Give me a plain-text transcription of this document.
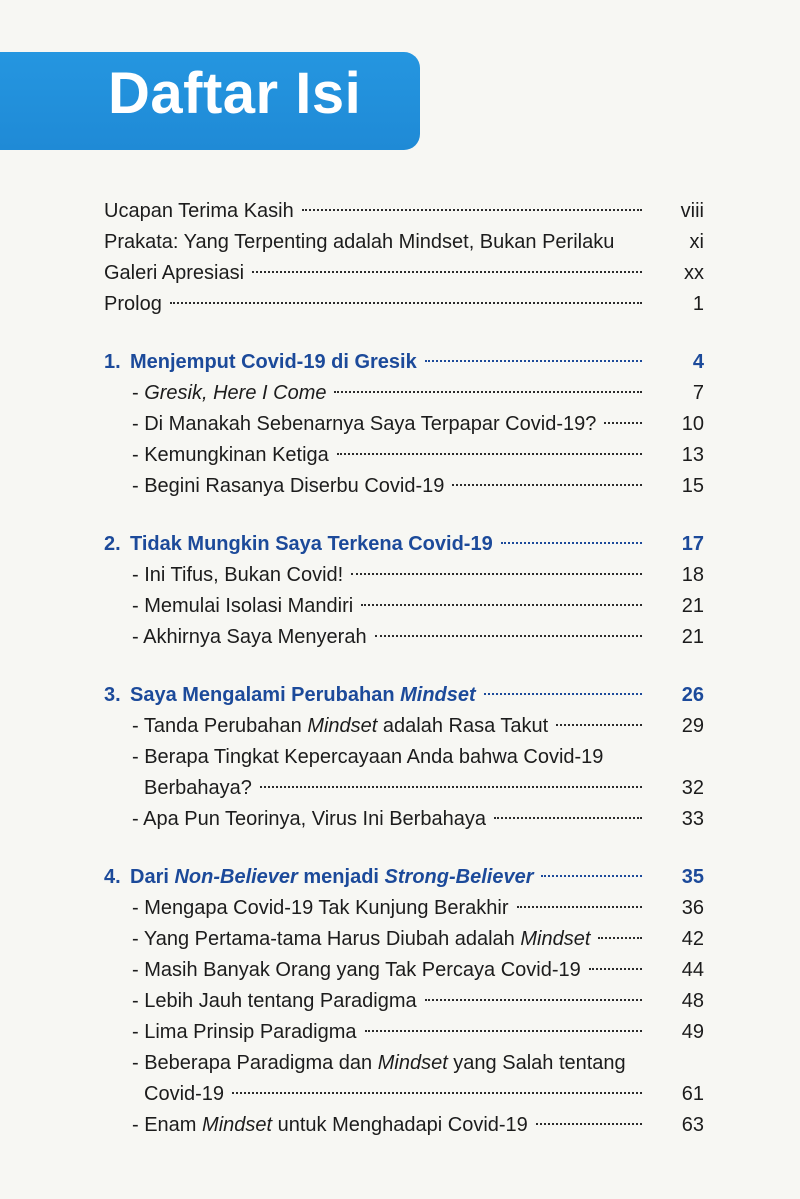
Daftar Isi
Ucapan Terima Kasih	viii
Prakata: Yang Terpenting adalah Mindset, Bukan Perilaku	xi
Galeri Apresiasi	xx
Prolog	1
1. Menjemput Covid-19 di Gresik	4
- Gresik, Here I Come	7
- Di Manakah Sebenarnya Saya Terpapar Covid-19?	10
- Kemungkinan Ketiga	13
- Begini Rasanya Diserbu Covid-19	15
2. Tidak Mungkin Saya Terkena Covid-19	17
- Ini Tifus, Bukan Covid!	18
- Memulai Isolasi Mandiri	21
- Akhirnya Saya Menyerah	21
3. Saya Mengalami Perubahan Mindset	26
- Tanda Perubahan Mindset adalah Rasa Takut	29
- Berapa Tingkat Kepercayaan Anda bahwa Covid-19
Berbahaya?	32
- Apa Pun Teorinya, Virus Ini Berbahaya	33
4. Dari Non-Believer menjadi Strong-Believer	35
- Mengapa Covid-19 Tak Kunjung Berakhir	36
- Yang Pertama-tama Harus Diubah adalah Mindset	42
- Masih Banyak Orang yang Tak Percaya Covid-19	44
- Lebih Jauh tentang Paradigma	48
- Lima Prinsip Paradigma	49
- Beberapa Paradigma dan Mindset yang Salah tentang
Covid-19	61
- Enam Mindset untuk Menghadapi Covid-19	63
